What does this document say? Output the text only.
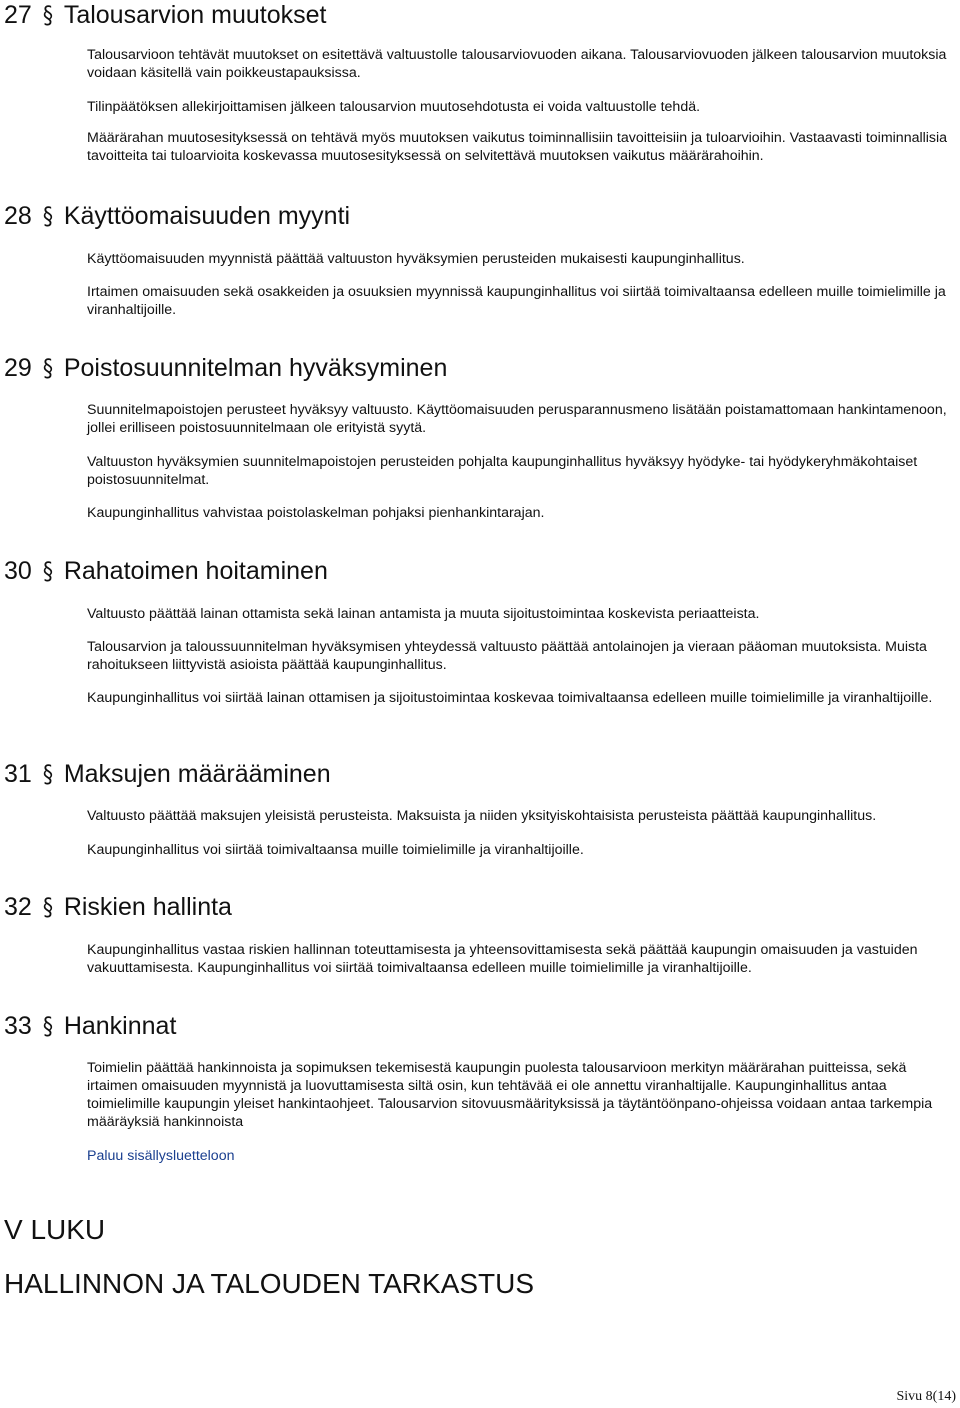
27 § Talousarvion muutokset

Talousarvioon tehtävät muutokset on esitettävä valtuustolle talousarviovuoden aikana. Talousarviovuoden jälkeen talousarvion muutoksia voidaan käsitellä vain poikkeustapauksissa.

Tilinpäätöksen allekirjoittamisen jälkeen talousarvion muutosehdotusta ei voida valtuustolle tehdä.

Määrärahan muutosesityksessä on tehtävä myös muutoksen vaikutus toiminnallisiin tavoitteisiin ja tuloarvioihin. Vastaavasti toiminnallisia tavoitteita tai tuloarvioita koskevassa muutosesityksessä on selvitettävä muutoksen vaikutus määrärahoihin.

28 § Käyttöomaisuuden myynti

Käyttöomaisuuden myynnistä päättää valtuuston hyväksymien perusteiden mukaisesti kaupunginhallitus.

Irtaimen omaisuuden sekä osakkeiden ja osuuksien myynnissä kaupunginhallitus voi siirtää toimivaltaansa edelleen muille toimielimille ja viranhaltijoille.

29 § Poistosuunnitelman hyväksyminen

Suunnitelmapoistojen perusteet hyväksyy valtuusto. Käyttöomaisuuden perusparannusmeno lisätään poistamattomaan hankintamenoon, jollei erilliseen poistosuunnitelmaan ole erityistä syytä.

Valtuuston hyväksymien suunnitelmapoistojen perusteiden pohjalta kaupunginhallitus hyväksyy hyödyke- tai hyödykeryhmäkohtaiset poistosuunnitelmat.

Kaupunginhallitus vahvistaa poistolaskelman pohjaksi pienhankintarajan.

30 § Rahatoimen hoitaminen

Valtuusto päättää lainan ottamista sekä lainan antamista ja muuta sijoitustoimintaa koskevista periaatteista.

Talousarvion ja taloussuunnitelman hyväksymisen yhteydessä valtuusto päättää antolainojen ja vieraan pääoman muutoksista. Muista rahoitukseen liittyvistä asioista päättää kaupunginhallitus.

Kaupunginhallitus voi siirtää lainan ottamisen ja sijoitustoimintaa koskevaa toimivaltaansa edelleen muille toimielimille ja viranhaltijoille.

31 § Maksujen määrääminen

Valtuusto päättää maksujen yleisistä perusteista. Maksuista ja niiden yksityiskohtaisista perusteista päättää kaupunginhallitus.

Kaupunginhallitus voi siirtää toimivaltaansa muille toimielimille ja viranhaltijoille.

32 § Riskien hallinta

Kaupunginhallitus vastaa riskien hallinnan toteuttamisesta ja yhteensovittamisesta sekä päättää kaupungin omaisuuden ja vastuiden vakuuttamisesta. Kaupunginhallitus voi siirtää toimivaltaansa edelleen muille toimielimille ja viranhaltijoille.

33 § Hankinnat

Toimielin päättää hankinnoista ja sopimuksen tekemisestä kaupungin puolesta talousarvioon merkityn määrärahan puitteissa, sekä irtaimen omaisuuden myynnistä ja luovuttamisesta siltä osin, kun tehtävää ei ole annettu viranhaltijalle. Kaupunginhallitus antaa toimielimille kaupungin yleiset hankintaohjeet. Talousarvion sitovuusmäärityksissä ja täytäntöönpano-ohjeissa voidaan antaa tarkempia määräyksiä hankinnoista

Paluu sisällysluetteloon
V LUKU
HALLINNON JA TALOUDEN TARKASTUS
Sivu 8(14)
